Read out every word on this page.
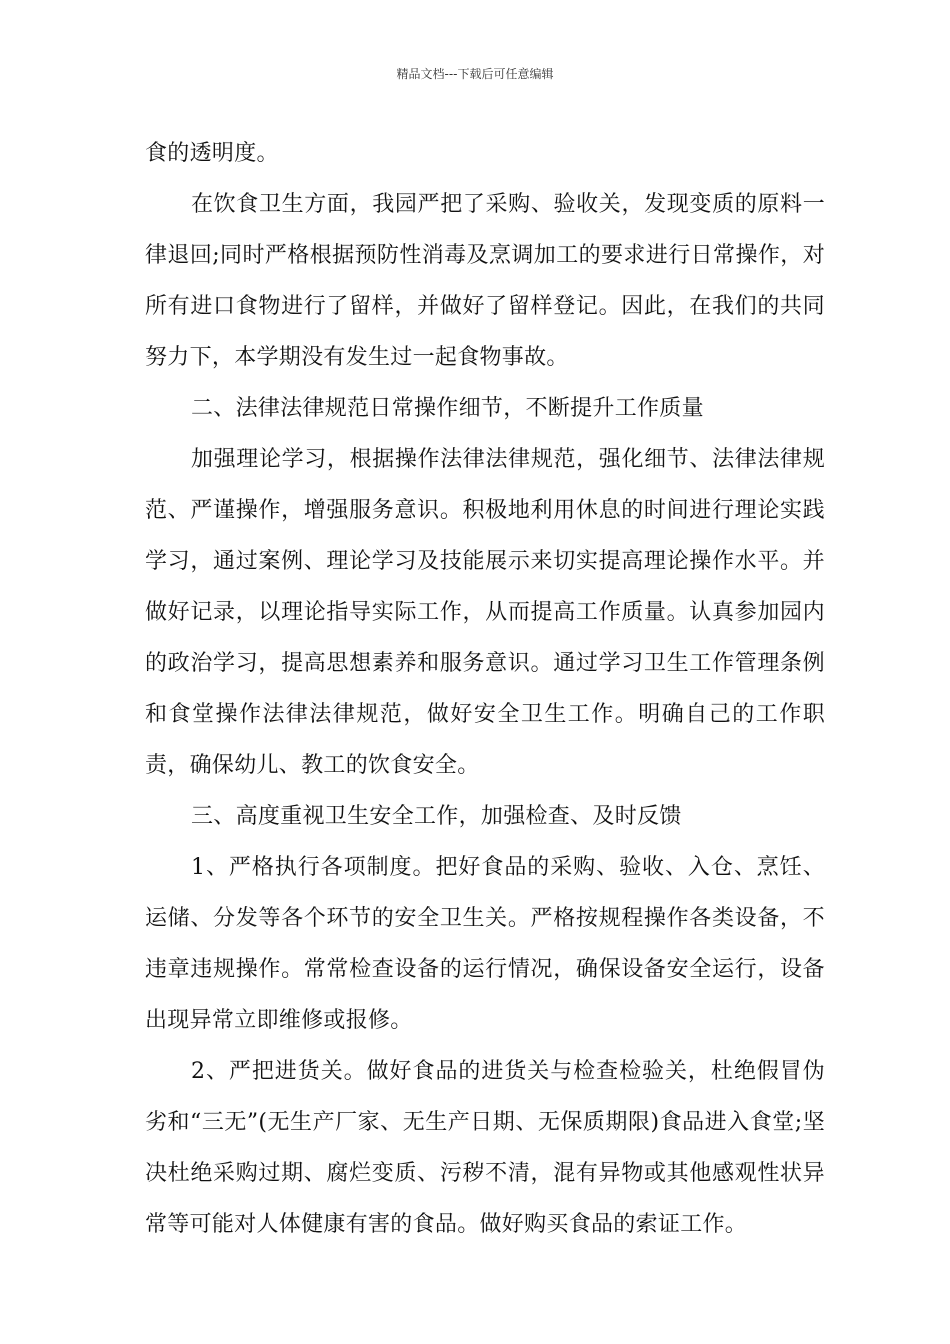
精品文档---下载后可任意编辑

食的透明度。

在饮食卫生方面，我园严把了采购、验收关，发现变质的原料一律退回;同时严格根据预防性消毒及烹调加工的要求进行日常操作，对所有进口食物进行了留样，并做好了留样登记。因此，在我们的共同努力下，本学期没有发生过一起食物事故。

二、法律法律规范日常操作细节，不断提升工作质量

加强理论学习，根据操作法律法律规范，强化细节、法律法律规范、严谨操作，增强服务意识。积极地利用休息的时间进行理论实践学习，通过案例、理论学习及技能展示来切实提高理论操作水平。并做好记录，以理论指导实际工作，从而提高工作质量。认真参加园内的政治学习，提高思想素养和服务意识。通过学习卫生工作管理条例和食堂操作法律法律规范，做好安全卫生工作。明确自己的工作职责，确保幼儿、教工的饮食安全。

三、高度重视卫生安全工作，加强检查、及时反馈

1、严格执行各项制度。把好食品的采购、验收、入仓、烹饪、运储、分发等各个环节的安全卫生关。严格按规程操作各类设备，不违章违规操作。常常检查设备的运行情况，确保设备安全运行，设备出现异常立即维修或报修。

2、严把进货关。做好食品的进货关与检查检验关，杜绝假冒伪劣和“三无”(无生产厂家、无生产日期、无保质期限)食品进入食堂;坚决杜绝采购过期、腐烂变质、污秽不清，混有异物或其他感观性状异常等可能对人体健康有害的食品。做好购买食品的索证工作。
